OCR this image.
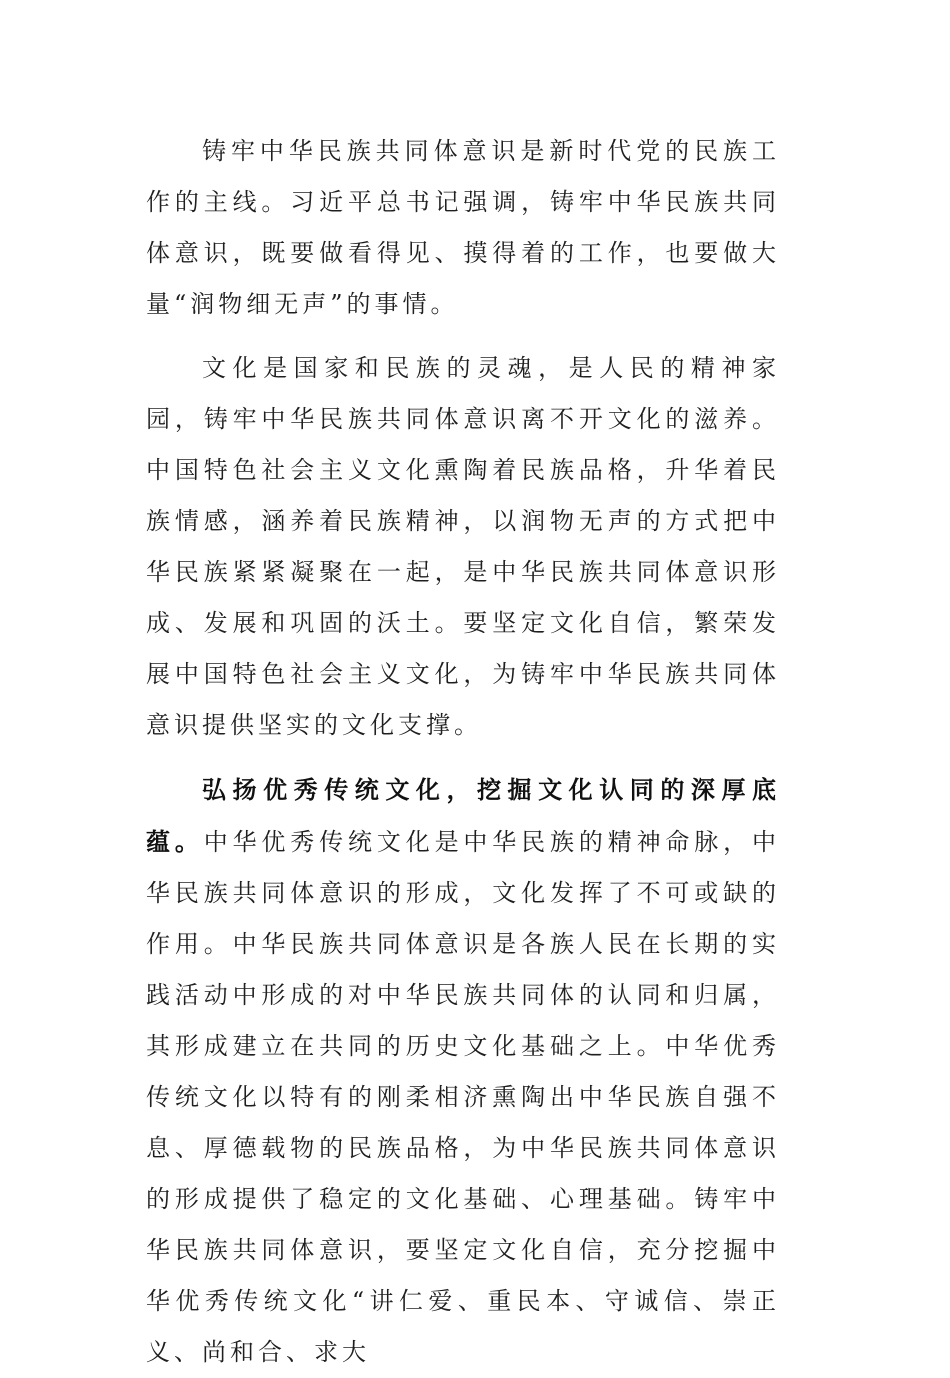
铸牢中华民族共同体意识是新时代党的民族工作的主线。习近平总书记强调，铸牢中华民族共同体意识，既要做看得见、摸得着的工作，也要做大量“润物细无声”的事情。

文化是国家和民族的灵魂，是人民的精神家园，铸牢中华民族共同体意识离不开文化的滋养。中国特色社会主义文化熏陶着民族品格，升华着民族情感，涵养着民族精神，以润物无声的方式把中华民族紧紧凝聚在一起，是中华民族共同体意识形成、发展和巩固的沃土。要坚定文化自信，繁荣发展中国特色社会主义文化，为铸牢中华民族共同体意识提供坚实的文化支撑。

弘扬优秀传统文化，挖掘文化认同的深厚底蕴。中华优秀传统文化是中华民族的精神命脉，中华民族共同体意识的形成，文化发挥了不可或缺的作用。中华民族共同体意识是各族人民在长期的实践活动中形成的对中华民族共同体的认同和归属，其形成建立在共同的历史文化基础之上。中华优秀传统文化以特有的刚柔相济熏陶出中华民族自强不息、厚德载物的民族品格，为中华民族共同体意识的形成提供了稳定的文化基础、心理基础。铸牢中华民族共同体意识，要坚定文化自信，充分挖掘中华优秀传统文化“讲仁爱、重民本、守诚信、崇正义、尚和合、求大
